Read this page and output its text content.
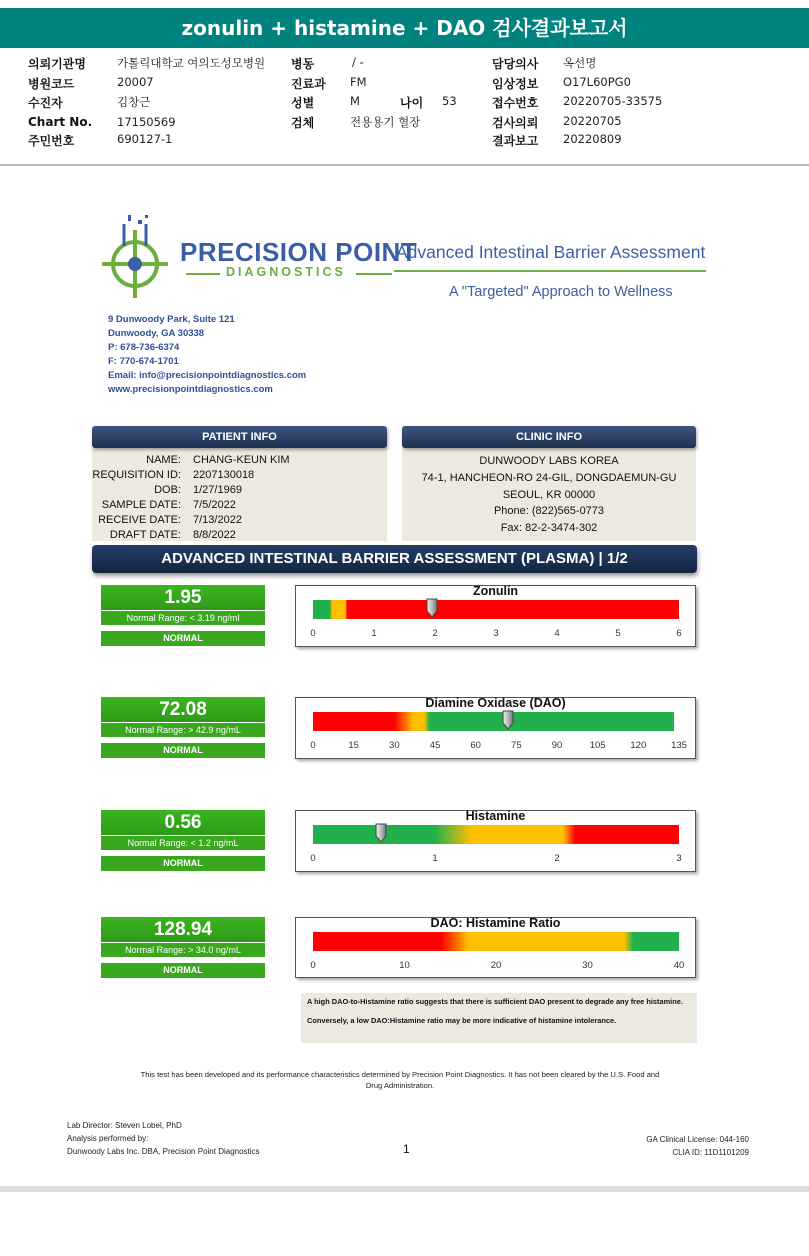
zonulin + histamine + DAO 검사결과보고서
의뢰기관명	가톨릭대학교 여의도성모병원
병원코드	20007
수진자	김창근
Chart No. 17150569
주민번호	690127-1
병동	/ -
진료과 FM
성별	M	나이 53
검체	전용용기 혈장
담당의사 옥선명
임상정보 O17L60PG0
접수번호 20220705-33575
검사의뢰 20220705
결과보고 20220809
PRECISION POINT
DIAGNOSTICS
Advanced Intestinal Barrier Assessment
A "Targeted" Approach to Wellness
9 Dunwoody Park, Suite 121
Dunwoody, GA 30338
P: 678-736-6374
F: 770-674-1701
Email: info@precisionpointdiagnostics.com
www.precisionpointdiagnostics.com
PATIENT INFO
NAME: CHANG-KEUN KIM
REQUISITION ID: 2207130018
DOB: 1/27/1969
SAMPLE DATE: 7/5/2022
RECEIVE DATE: 7/13/2022
DRAFT DATE: 8/8/2022
DUNWOODY LABS KOREA
74-1, HANCHEON-RO 24-GIL, DONGDAEMUN-GU
SEOUL, KR 00000
Phone: (822)565-0773
Fax: 82-2-3474-302
CLINIC INFO
ADVANCED INTESTINAL BARRIER ASSESSMENT (PLASMA) | 1/2
1.95
Normal Range: < 3.19 ng/ml
NORMAL
Zonulin
0	1	2	3	4	5	6
72.08
Normal Range: > 42.9 ng/mL
NORMAL
Diamine Oxidase (DAO)
0	15	30	45	60	75	90	105	120	135
0.56
Normal Range: < 1.2 ng/mL
NORMAL
Histamine
0	1	2	3
128.94
Normal Range: > 34.0 ng/mL
NORMAL
DAO: Histamine Ratio
0	10	20	30	40

A high DAO-to-Histamine ratio suggests that there is sufficient DAO present to degrade any free histamine.

Conversely, a low DAO:Histamine ratio may be more indicative of histamine intolerance.

This test has been developed and its performance characteristics determined by Precision Point Diagnostics. It has not been cleared by the U.S. Food and Drug Administration.
Lab Director: Steven Lobel, PhD
Analysis performed by:
Dunwoody Labs Inc. DBA, Precision Point Diagnostics	1
GA Clinical License: 044-160
CLIA ID: 11D1101209
